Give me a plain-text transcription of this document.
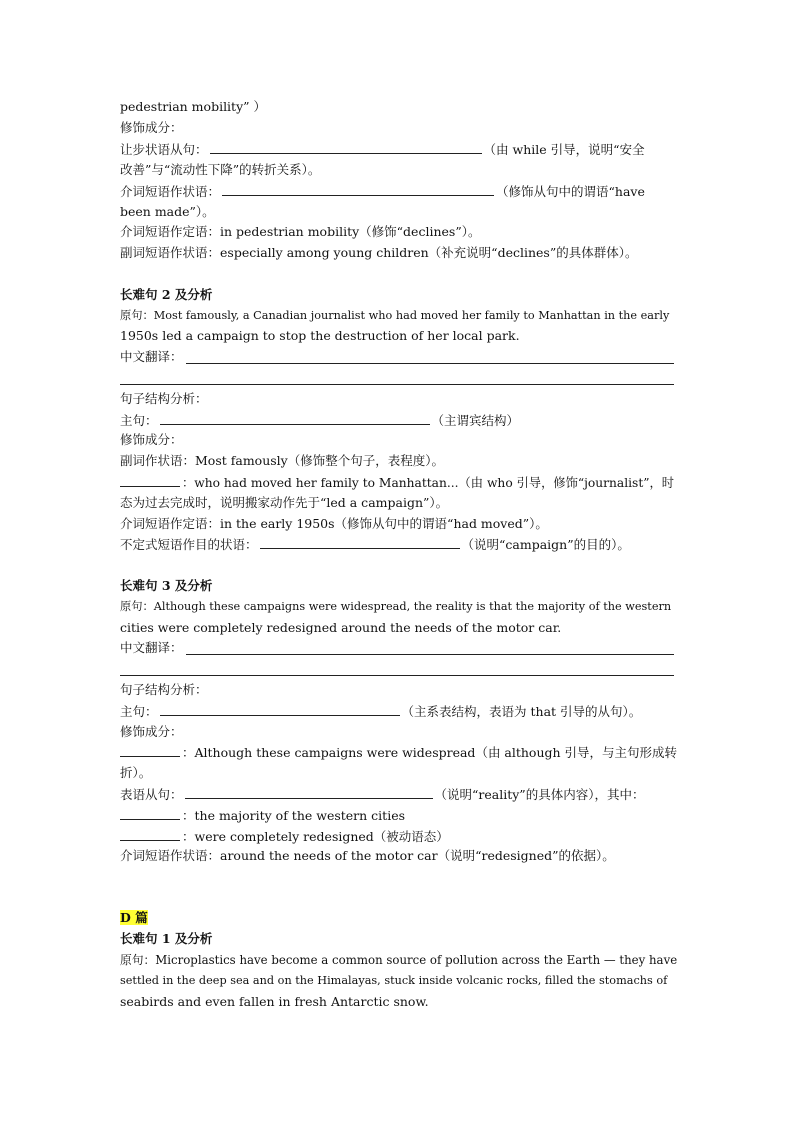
pedestrian mobility” ）
修饰成分：
让步状语从句：	（由 while 引导，说明“安全
改善”与“流动性下降”的转折关系）。
介词短语作状语：	（修饰从句中的谓语“have
been made”）。
介词短语作定语：in pedestrian mobility（修饰“declines”）。
副词短语作状语：especially among young children（补充说明“declines”的具体群体）。
长难句 2 及分析
原句：Most famously, a Canadian journalist who had moved her family to Manhattan in the early
1950s led a campaign to stop the destruction of her local park.
中文翻译：
句子结构分析：
主句：	（主谓宾结构）
修饰成分：
副词作状语：Most famously（修饰整个句子，表程度）。
：who had moved her family to Manhattan...（由 who 引导，修饰“journalist”，时
态为过去完成时，说明搬家动作先于“led a campaign”）。
介词短语作定语：in the early 1950s（修饰从句中的谓语“had moved”）。
不定式短语作目的状语：	（说明“campaign”的目的）。
长难句 3 及分析
原句：Although these campaigns were widespread, the reality is that the majority of the western
cities were completely redesigned around the needs of the motor car.
中文翻译：
句子结构分析：
主句：	（主系表结构，表语为 that 引导的从句）。
修饰成分：
：Although these campaigns were widespread（由 although 引导，与主句形成转
折）。
表语从句：	（说明“reality”的具体内容），其中：
：the majority of the western cities
：were completely redesigned（被动语态）
介词短语作状语：around the needs of the motor car（说明“redesigned”的依据）。
D 篇
长难句 1 及分析
原句：Microplastics have become a common source of pollution across the Earth — they have
settled in the deep sea and on the Himalayas, stuck inside volcanic rocks, filled the stomachs of
seabirds and even fallen in fresh Antarctic snow.
